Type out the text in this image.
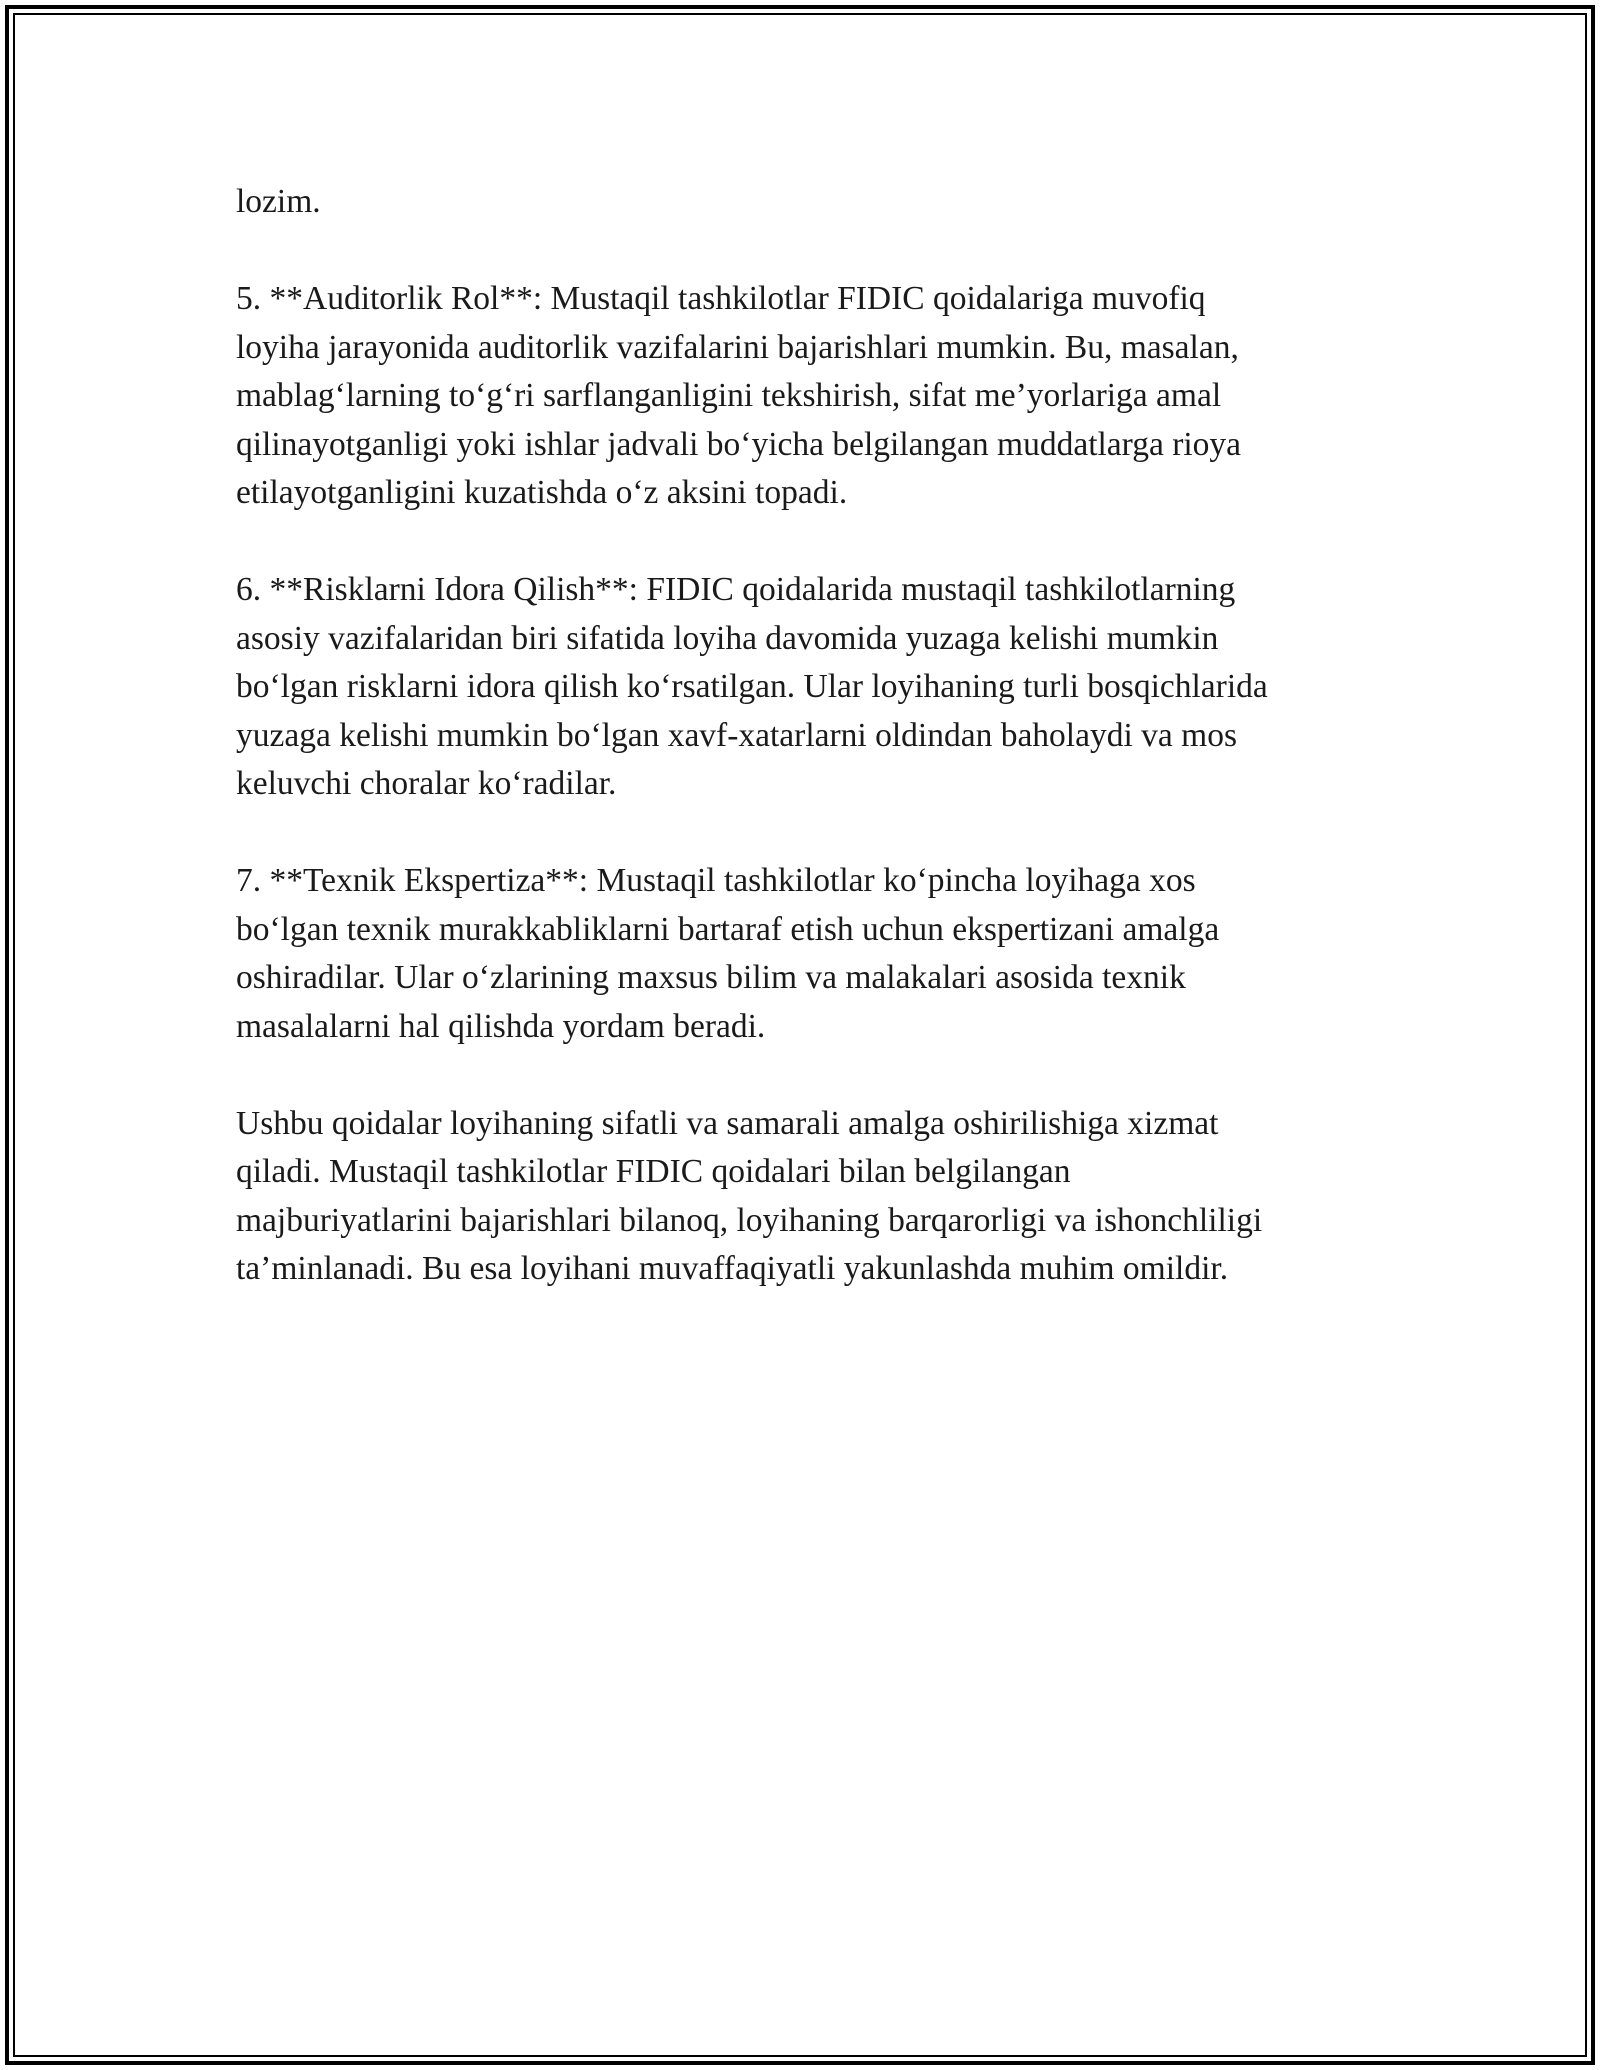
lozim.

5. **Auditorlik Rol**: Mustaqil tashkilotlar FIDIC qoidalariga muvofiq
loyiha jarayonida auditorlik vazifalarini bajarishlari mumkin. Bu, masalan,
mablag‘larning to‘g‘ri sarflanganligini tekshirish, sifat me’yorlariga amal
qilinayotganligi yoki ishlar jadvali bo‘yicha belgilangan muddatlarga rioya
etilayotganligini kuzatishda o‘z aksini topadi.

6. **Risklarni Idora Qilish**: FIDIC qoidalarida mustaqil tashkilotlarning
asosiy vazifalaridan biri sifatida loyiha davomida yuzaga kelishi mumkin
bo‘lgan risklarni idora qilish ko‘rsatilgan. Ular loyihaning turli bosqichlarida
yuzaga kelishi mumkin bo‘lgan xavf-xatarlarni oldindan baholaydi va mos
keluvchi choralar ko‘radilar.

7. **Texnik Ekspertiza**: Mustaqil tashkilotlar ko‘pincha loyihaga xos
bo‘lgan texnik murakkabliklarni bartaraf etish uchun ekspertizani amalga
oshiradilar. Ular o‘zlarining maxsus bilim va malakalari asosida texnik
masalalarni hal qilishda yordam beradi.

Ushbu qoidalar loyihaning sifatli va samarali amalga oshirilishiga xizmat
qiladi. Mustaqil tashkilotlar FIDIC qoidalari bilan belgilangan
majburiyatlarini bajarishlari bilanoq, loyihaning barqarorligi va ishonchliligi
ta’minlanadi. Bu esa loyihani muvaffaqiyatli yakunlashda muhim omildir.
